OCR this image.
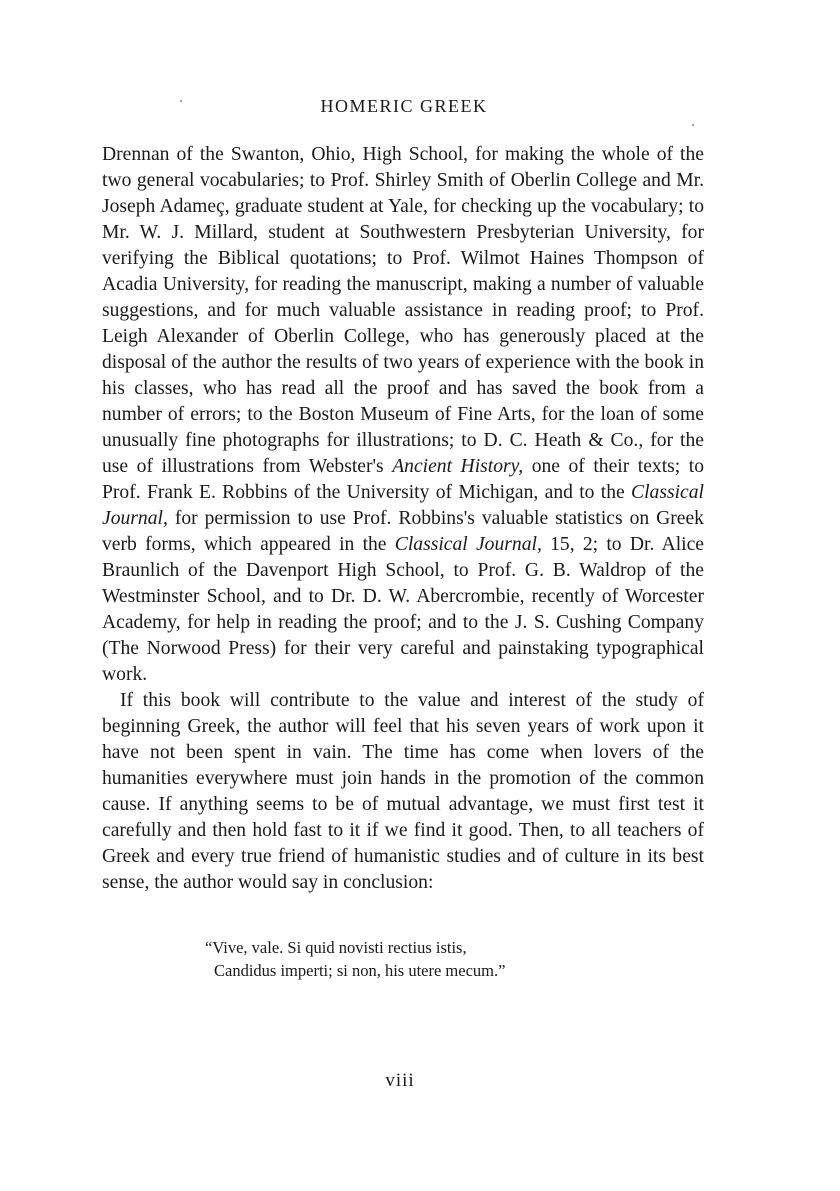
HOMERIC GREEK

Drennan of the Swanton, Ohio, High School, for making the whole of the two general vocabularies; to Prof. Shirley Smith of Oberlin College and Mr. Joseph Adameç, graduate student at Yale, for checking up the vocabulary; to Mr. W. J. Millard, student at Southwestern Presbyterian University, for verifying the Biblical quotations; to Prof. Wilmot Haines Thompson of Acadia University, for reading the manuscript, making a number of valuable suggestions, and for much valuable assistance in reading proof; to Prof. Leigh Alexander of Oberlin College, who has generously placed at the disposal of the author the results of two years of experience with the book in his classes, who has read all the proof and has saved the book from a number of errors; to the Boston Museum of Fine Arts, for the loan of some unusually fine photographs for illustrations; to D. C. Heath & Co., for the use of illustrations from Webster's Ancient History, one of their texts; to Prof. Frank E. Robbins of the University of Michigan, and to the Classical Journal, for permission to use Prof. Robbins's valuable statistics on Greek verb forms, which appeared in the Classical Journal, 15, 2; to Dr. Alice Braunlich of the Davenport High School, to Prof. G. B. Waldrop of the Westminster School, and to Dr. D. W. Abercrombie, recently of Worcester Academy, for help in reading the proof; and to the J. S. Cushing Company (The Norwood Press) for their very careful and painstaking typographical work.

If this book will contribute to the value and interest of the study of beginning Greek, the author will feel that his seven years of work upon it have not been spent in vain. The time has come when lovers of the humanities everywhere must join hands in the promotion of the common cause. If anything seems to be of mutual advantage, we must first test it carefully and then hold fast to it if we find it good. Then, to all teachers of Greek and every true friend of humanistic studies and of culture in its best sense, the author would say in conclusion:

“Vive, vale. Si quid novisti rectius istis,
Candidus imperti; si non, his utere mecum.”
viii
